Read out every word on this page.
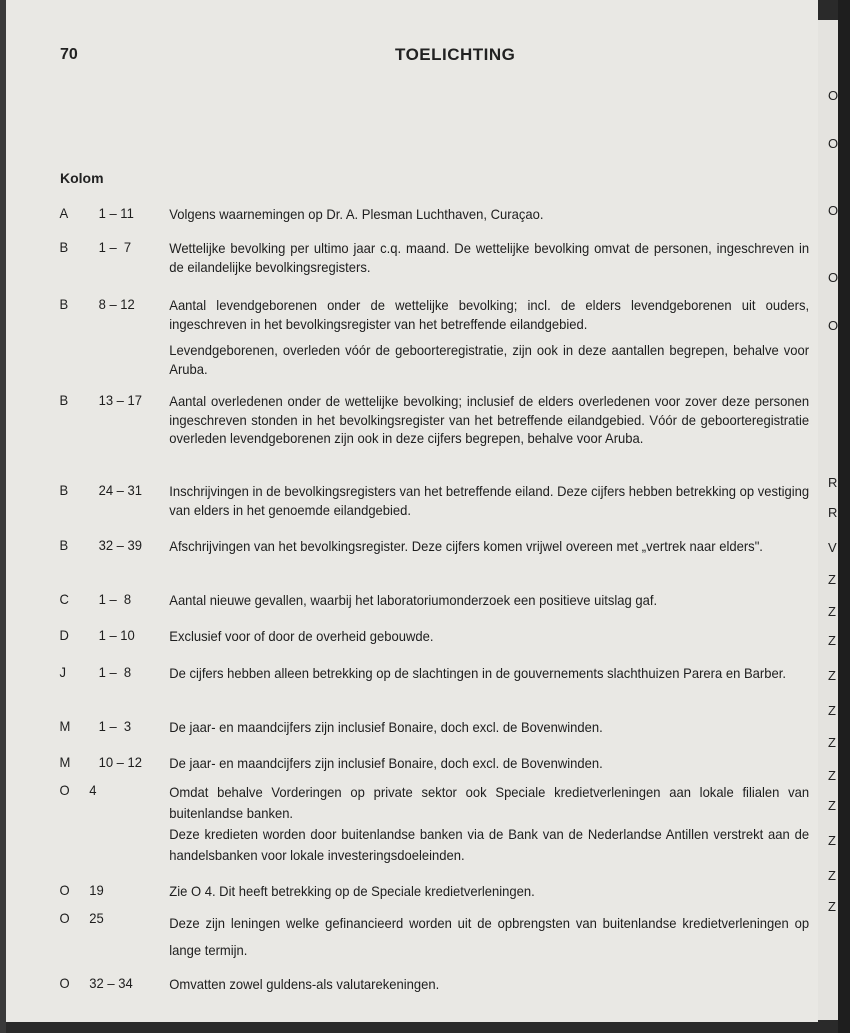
70	TOELICHTING
Kolom
A 1 – 11	Volgens waarnemingen op Dr. A. Plesman Luchthaven, Curaçao.

B 1 –  7	Wettelijke bevolking per ultimo jaar c.q. maand. De wettelijke bevolking omvat de personen, ingeschreven in de eilandelijke bevolkingsregisters.

B 8 – 12 Aantal levendgeborenen onder de wettelijke bevolking; incl. de elders levendgeborenen uit ouders, ingeschreven in het bevolkingsregister van het betreffende eilandgebied.

Levendgeborenen, overleden vóór de geboorteregistratie, zijn ook in deze aantallen begrepen, behalve voor Aruba.

B 13 – 17 Aantal overledenen onder de wettelijke bevolking; inclusief de elders overledenen voor zover deze personen ingeschreven stonden in het bevolkingsregister van het betreffende eilandgebied. Vóór de geboorteregistratie overleden levendgeborenen zijn ook in deze cijfers begrepen, behalve voor Aruba.

B 24 – 31 Inschrijvingen in de bevolkingsregisters van het betreffende eiland. Deze cijfers hebben betrekking op vestiging van elders in het genoemde eilandgebied.

B 32 – 39 Afschrijvingen van het bevolkingsregister. Deze cijfers komen vrijwel overeen met „vertrek naar elders".

C 1 –  8	Aantal nieuwe gevallen, waarbij het laboratoriumonderzoek een positieve uitslag gaf.

D 1 – 10 Exclusief voor of door de overheid gebouwde.

J 1 –  8	De cijfers hebben alleen betrekking op de slachtingen in de gouvernements slachthuizen Parera en Barber.

M 1 –  3	De jaar- en maandcijfers zijn inclusief Bonaire, doch excl. de Bovenwinden.

M 10 – 12 De jaar- en maandcijfers zijn inclusief Bonaire, doch excl. de Bovenwinden.

O 4	Omdat behalve Vorderingen op private sektor ook Speciale kredietverleningen aan lokale filialen van buitenlandse banken.
Deze kredieten worden door buitenlandse banken via de Bank van de Nederlandse Antillen verstrekt aan de handelsbanken voor lokale investeringsdoeleinden.

O 19	Zie O 4. Dit heeft betrekking op de Speciale kredietverleningen.

O 25	Deze zijn leningen welke gefinancieerd worden uit de opbrengsten van buitenlandse kredietverleningen op lange termijn.

O 32 – 34	Omvatten zowel guldens-als valutarekeningen.

O
O
O
O
O
R
R
V
Z
Z
Z
Z
Z
Z
Z
Z
Z
Z
Z
